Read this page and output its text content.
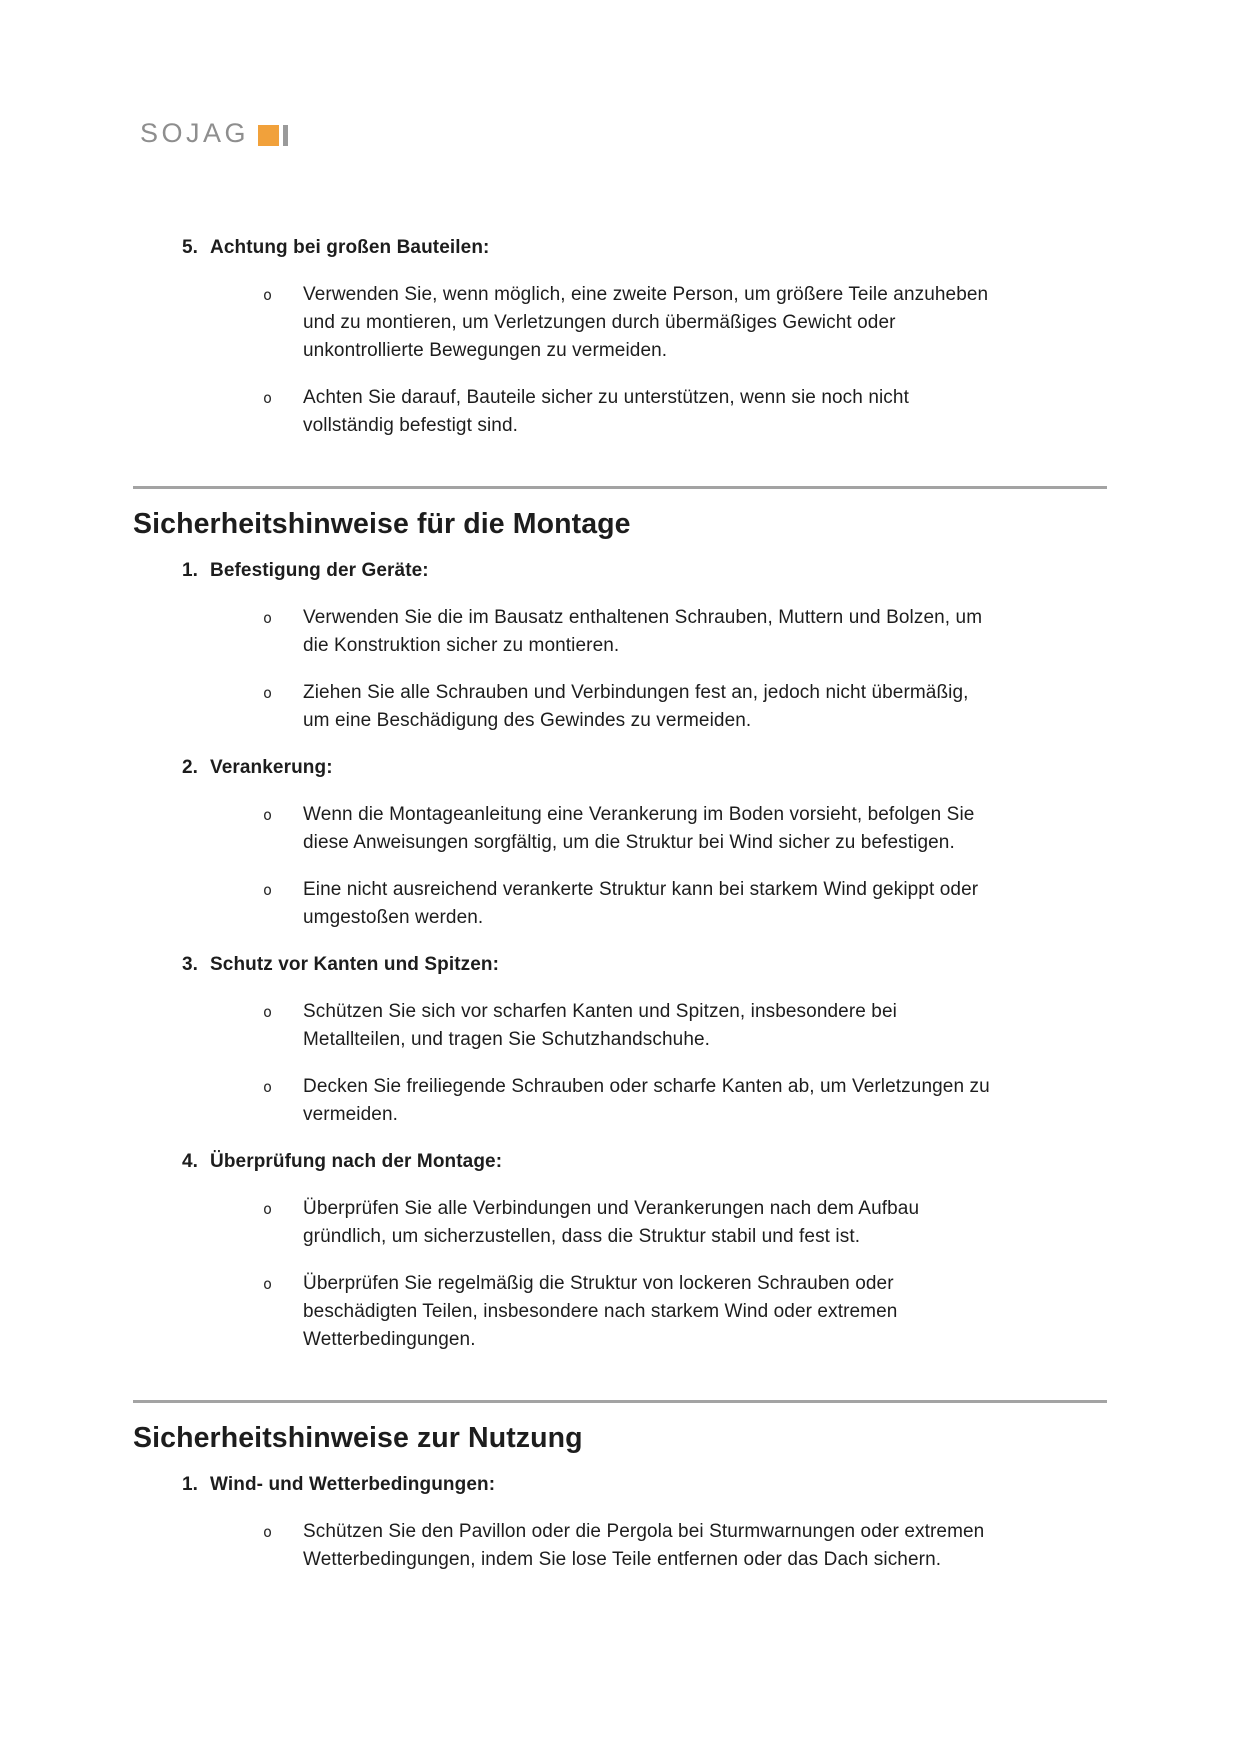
SOJAG
5. Achtung bei großen Bauteilen:
o	Verwenden Sie, wenn möglich, eine zweite Person, um größere Teile anzuheben
und zu montieren, um Verletzungen durch übermäßiges Gewicht oder
unkontrollierte Bewegungen zu vermeiden.
o	Achten Sie darauf, Bauteile sicher zu unterstützen, wenn sie noch nicht
vollständig befestigt sind.
Sicherheitshinweise für die Montage
1. Befestigung der Geräte:
o	Verwenden Sie die im Bausatz enthaltenen Schrauben, Muttern und Bolzen, um
die Konstruktion sicher zu montieren.
o	Ziehen Sie alle Schrauben und Verbindungen fest an, jedoch nicht übermäßig,
um eine Beschädigung des Gewindes zu vermeiden.
2. Verankerung:
o	Wenn die Montageanleitung eine Verankerung im Boden vorsieht, befolgen Sie
diese Anweisungen sorgfältig, um die Struktur bei Wind sicher zu befestigen.
o	Eine nicht ausreichend verankerte Struktur kann bei starkem Wind gekippt oder
umgestoßen werden.
3. Schutz vor Kanten und Spitzen:
o	Schützen Sie sich vor scharfen Kanten und Spitzen, insbesondere bei
Metallteilen, und tragen Sie Schutzhandschuhe.
o	Decken Sie freiliegende Schrauben oder scharfe Kanten ab, um Verletzungen zu
vermeiden.
4. Überprüfung nach der Montage:
o	Überprüfen Sie alle Verbindungen und Verankerungen nach dem Aufbau
gründlich, um sicherzustellen, dass die Struktur stabil und fest ist.
o	Überprüfen Sie regelmäßig die Struktur von lockeren Schrauben oder
beschädigten Teilen, insbesondere nach starkem Wind oder extremen
Wetterbedingungen.
Sicherheitshinweise zur Nutzung
1. Wind- und Wetterbedingungen:
o	Schützen Sie den Pavillon oder die Pergola bei Sturmwarnungen oder extremen
Wetterbedingungen, indem Sie lose Teile entfernen oder das Dach sichern.
